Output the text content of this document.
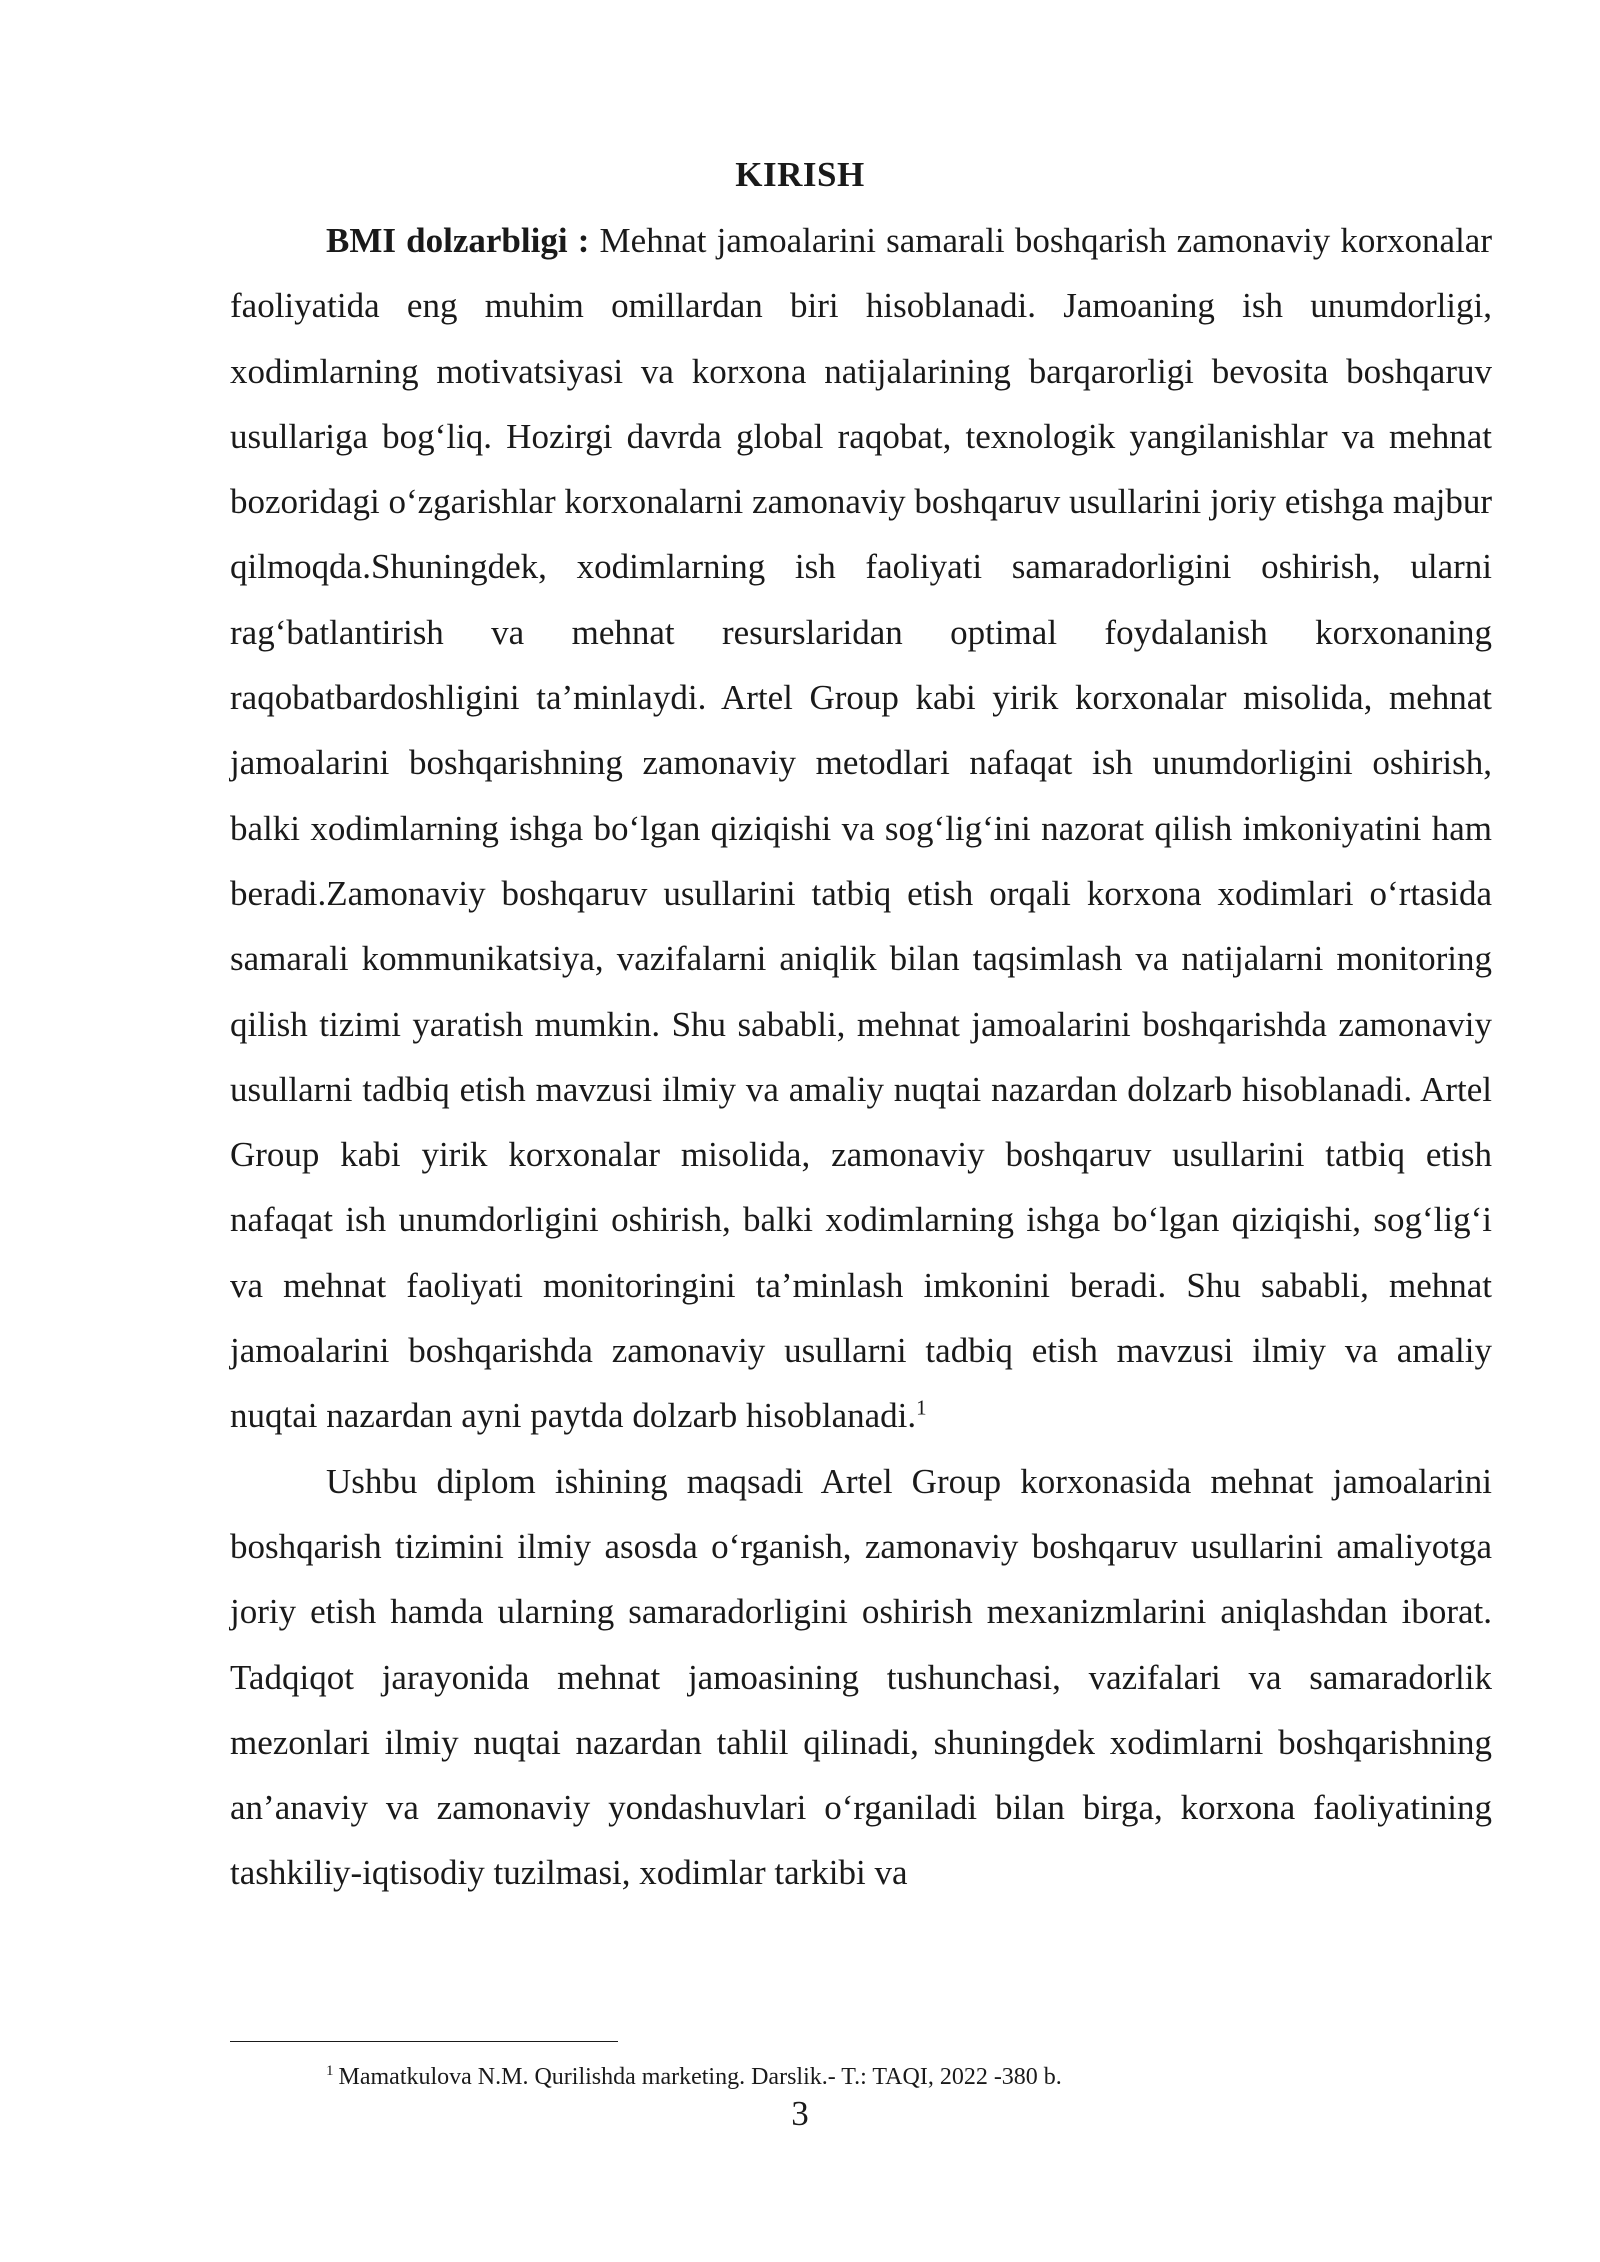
KIRISH

BMI dolzarbligi : Mehnat jamoalarini samarali boshqarish zamonaviy korxonalar faoliyatida eng muhim omillardan biri hisoblanadi. Jamoaning ish unumdorligi, xodimlarning motivatsiyasi va korxona natijalarining barqarorligi bevosita boshqaruv usullariga bog‘liq. Hozirgi davrda global raqobat, texnologik yangilanishlar va mehnat bozoridagi o‘zgarishlar korxonalarni zamonaviy boshqaruv usullarini joriy etishga majbur qilmoqda.Shuningdek, xodimlarning ish faoliyati samaradorligini oshirish, ularni rag‘batlantirish va mehnat resurslaridan optimal foydalanish korxonaning raqobatbardoshligini ta’minlaydi. Artel Group kabi yirik korxonalar misolida, mehnat jamoalarini boshqarishning zamonaviy metodlari nafaqat ish unumdorligini oshirish, balki xodimlarning ishga bo‘lgan qiziqishi va sog‘lig‘ini nazorat qilish imkoniyatini ham beradi.Zamonaviy boshqaruv usullarini tatbiq etish orqali korxona xodimlari o‘rtasida samarali kommunikatsiya, vazifalarni aniqlik bilan taqsimlash va natijalarni monitoring qilish tizimi yaratish mumkin. Shu sababli, mehnat jamoalarini boshqarishda zamonaviy usullarni tadbiq etish mavzusi ilmiy va amaliy nuqtai nazardan dolzarb hisoblanadi. Artel Group kabi yirik korxonalar misolida, zamonaviy boshqaruv usullarini tatbiq etish nafaqat ish unumdorligini oshirish, balki xodimlarning ishga bo‘lgan qiziqishi, sog‘lig‘i va mehnat faoliyati monitoringini ta’minlash imkonini beradi. Shu sababli, mehnat jamoalarini boshqarishda zamonaviy usullarni tadbiq etish mavzusi ilmiy va amaliy nuqtai nazardan ayni paytda dolzarb hisoblanadi.$^1$

Ushbu diplom ishining maqsadi Artel Group korxonasida mehnat jamoalarini boshqarish tizimini ilmiy asosda o‘rganish, zamonaviy boshqaruv usullarini amaliyotga joriy etish hamda ularning samaradorligini oshirish mexanizmlarini aniqlashdan iborat. Tadqiqot jarayonida mehnat jamoasining tushunchasi, vazifalari va samaradorlik mezonlari ilmiy nuqtai nazardan tahlil qilinadi, shuningdek xodimlarni boshqarishning an’anaviy va zamonaviy yondashuvlari o‘rganiladi bilan birga, korxona faoliyatining tashkiliy-iqtisodiy tuzilmasi, xodimlar tarkibi va

$^1$ Mamatkulova N.M. Qurilishda marketing. Darslik.- T.: TAQI, 2022 -380 b.
3
